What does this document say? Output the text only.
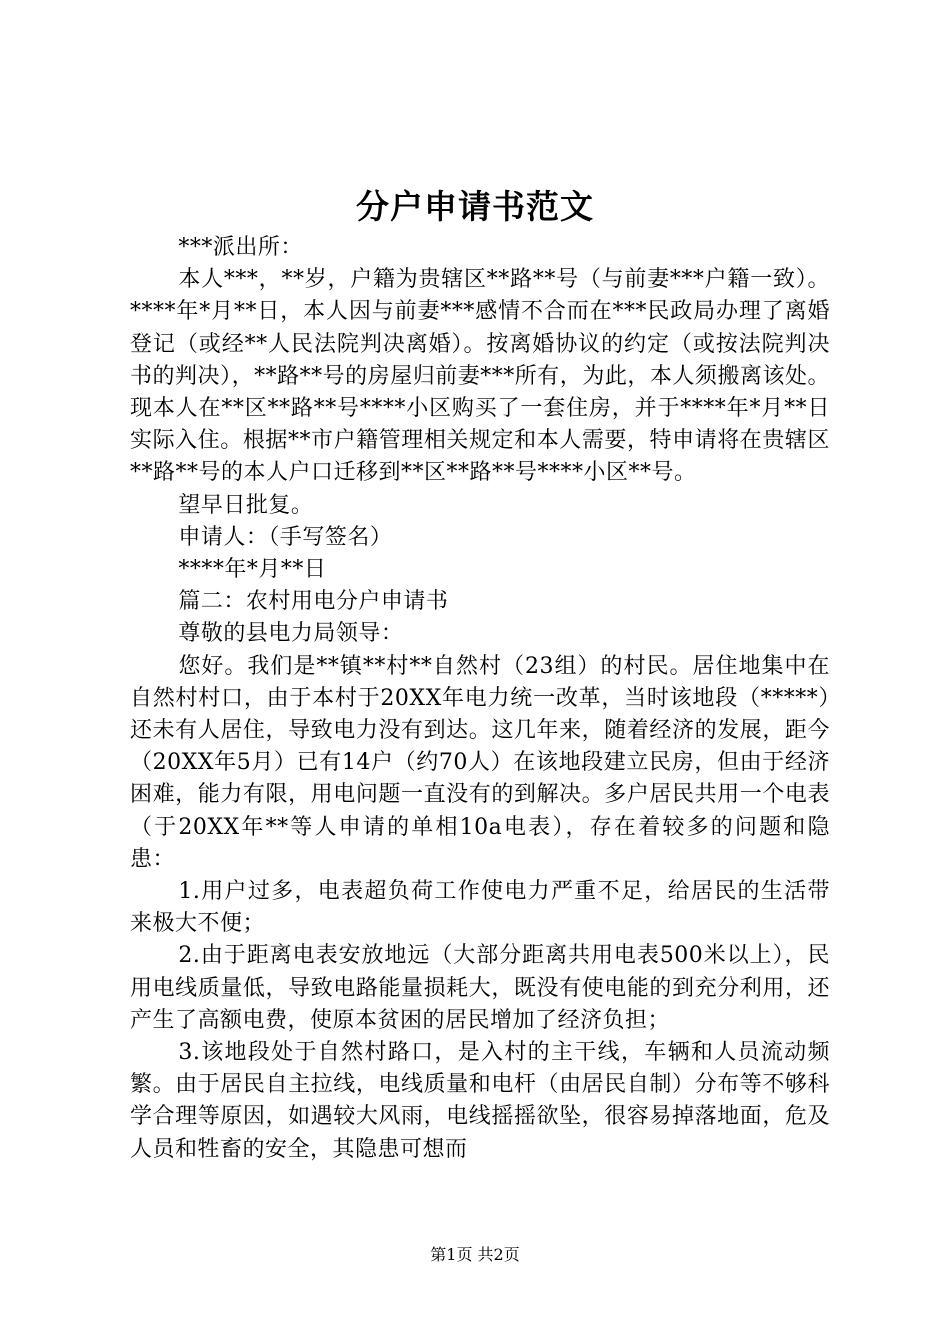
分户申请书范文

***派出所：

本人***，**岁，户籍为贵辖区**路**号（与前妻***户籍一致）。****年*月**日，本人因与前妻***感情不合而在***民政局办理了离婚登记（或经**人民法院判决离婚）。按离婚协议的约定（或按法院判决书的判决），**路**号的房屋归前妻***所有，为此，本人须搬离该处。现本人在**区**路**号****小区购买了一套住房，并于****年*月**日实际入住。根据**市户籍管理相关规定和本人需要，特申请将在贵辖区**路**号的本人户口迁移到**区**路**号****小区**号。

望早日批复。

申请人：（手写签名）

****年*月**日

篇二：农村用电分户申请书

尊敬的县电力局领导：

您好。我们是**镇**村**自然村（23组）的村民。居住地集中在自然村村口，由于本村于20XX年电力统一改革，当时该地段（*****）还未有人居住，导致电力没有到达。这几年来，随着经济的发展，距今（20XX年5月）已有14户（约70人）在该地段建立民房，但由于经济困难，能力有限，用电问题一直没有的到解决。多户居民共用一个电表（于20XX年**等人申请的单相10a电表），存在着较多的问题和隐患：

1.用户过多，电表超负荷工作使电力严重不足，给居民的生活带来极大不便；

2.由于距离电表安放地远（大部分距离共用电表500米以上），民用电线质量低，导致电路能量损耗大，既没有使电能的到充分利用，还产生了高额电费，使原本贫困的居民增加了经济负担；

3.该地段处于自然村路口，是入村的主干线，车辆和人员流动频繁。由于居民自主拉线，电线质量和电杆（由居民自制）分布等不够科学合理等原因，如遇较大风雨，电线摇摇欲坠，很容易掉落地面，危及人员和牲畜的安全，其隐患可想而

第1页 共2页
